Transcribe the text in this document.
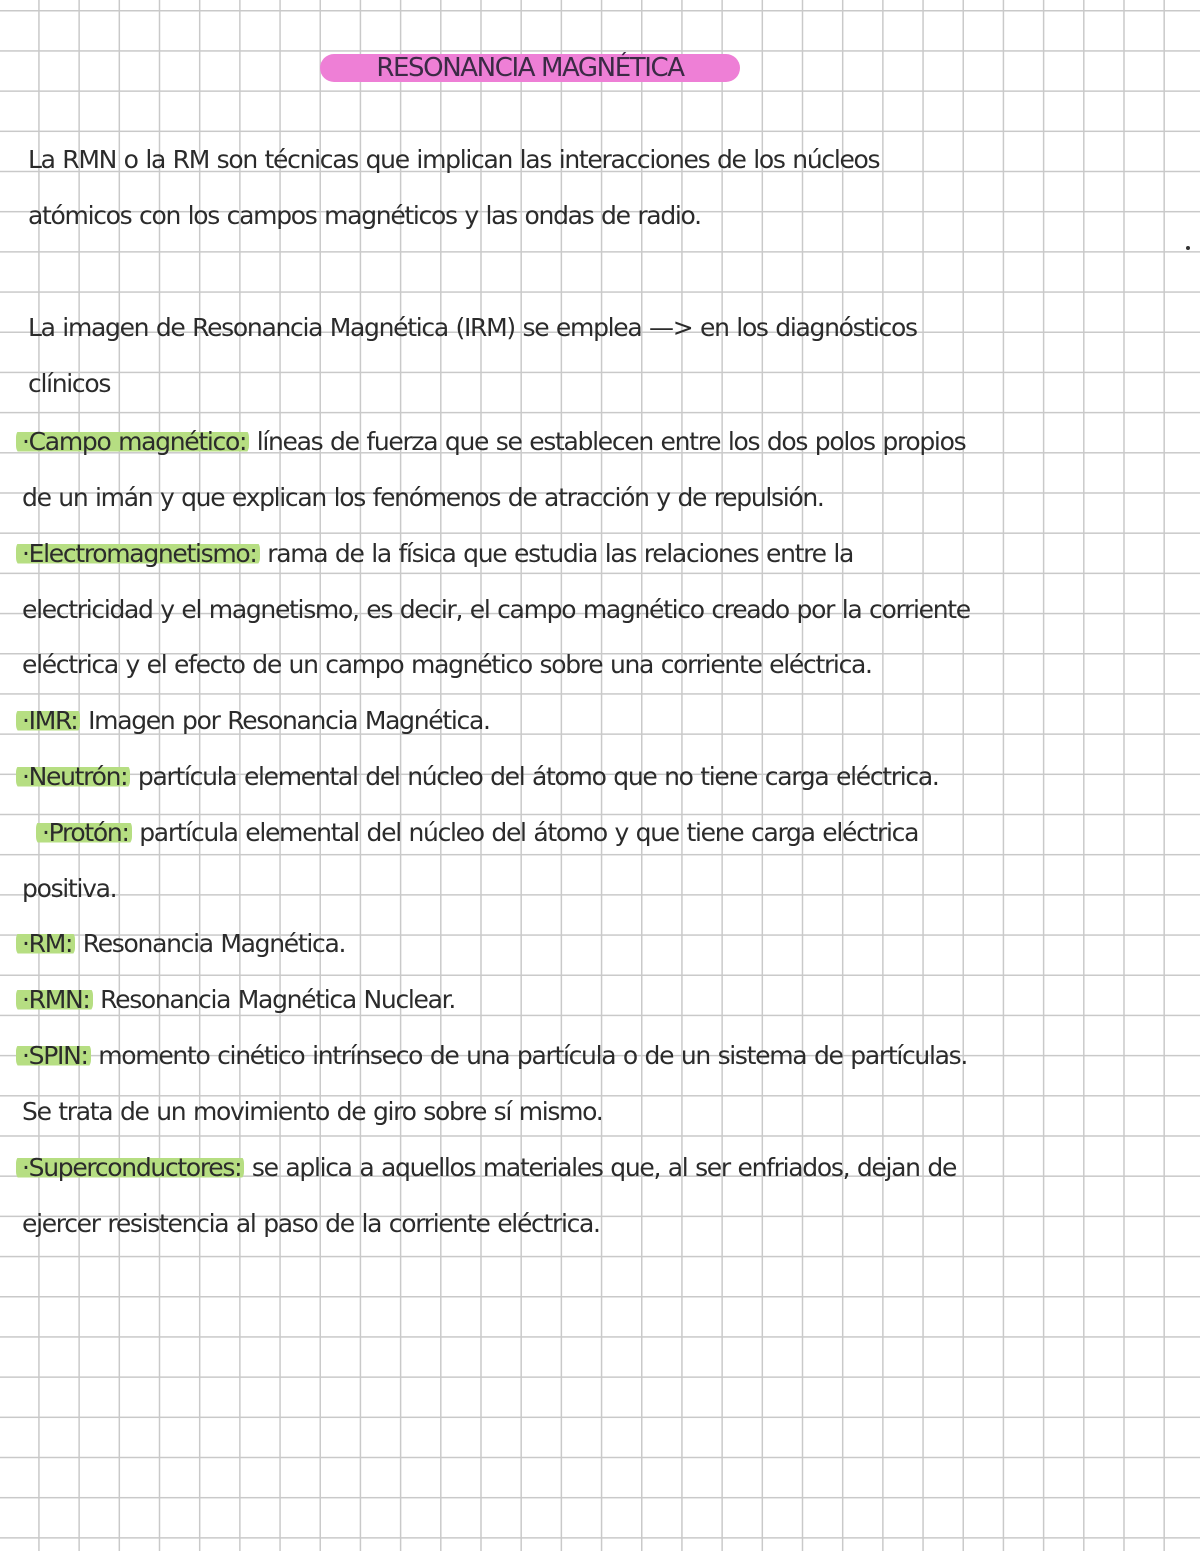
RESONANCIA MAGNÉTICA
La RMN o la RM son técnicas que implican las interacciones de los núcleos
atómicos con los campos magnéticos y las ondas de radio.
La imagen de Resonancia Magnética (IRM) se emplea —> en los diagnósticos
clínicos
·Campo magnético: líneas de fuerza que se establecen entre los dos polos propios
de un imán y que explican los fenómenos de atracción y de repulsión.
·Electromagnetismo: rama de la física que estudia las relaciones entre la
electricidad y el magnetismo, es decir, el campo magnético creado por la corriente
eléctrica y el efecto de un campo magnético sobre una corriente eléctrica.
·IMR: Imagen por Resonancia Magnética.
·Neutrón: partícula elemental del núcleo del átomo que no tiene carga eléctrica.
·Protón: partícula elemental del núcleo del átomo y que tiene carga eléctrica
positiva.
·RM: Resonancia Magnética.
·RMN: Resonancia Magnética Nuclear.
·SPIN: momento cinético intrínseco de una partícula o de un sistema de partículas.
Se trata de un movimiento de giro sobre sí mismo.
·Superconductores: se aplica a aquellos materiales que, al ser enfriados, dejan de
ejercer resistencia al paso de la corriente eléctrica.
